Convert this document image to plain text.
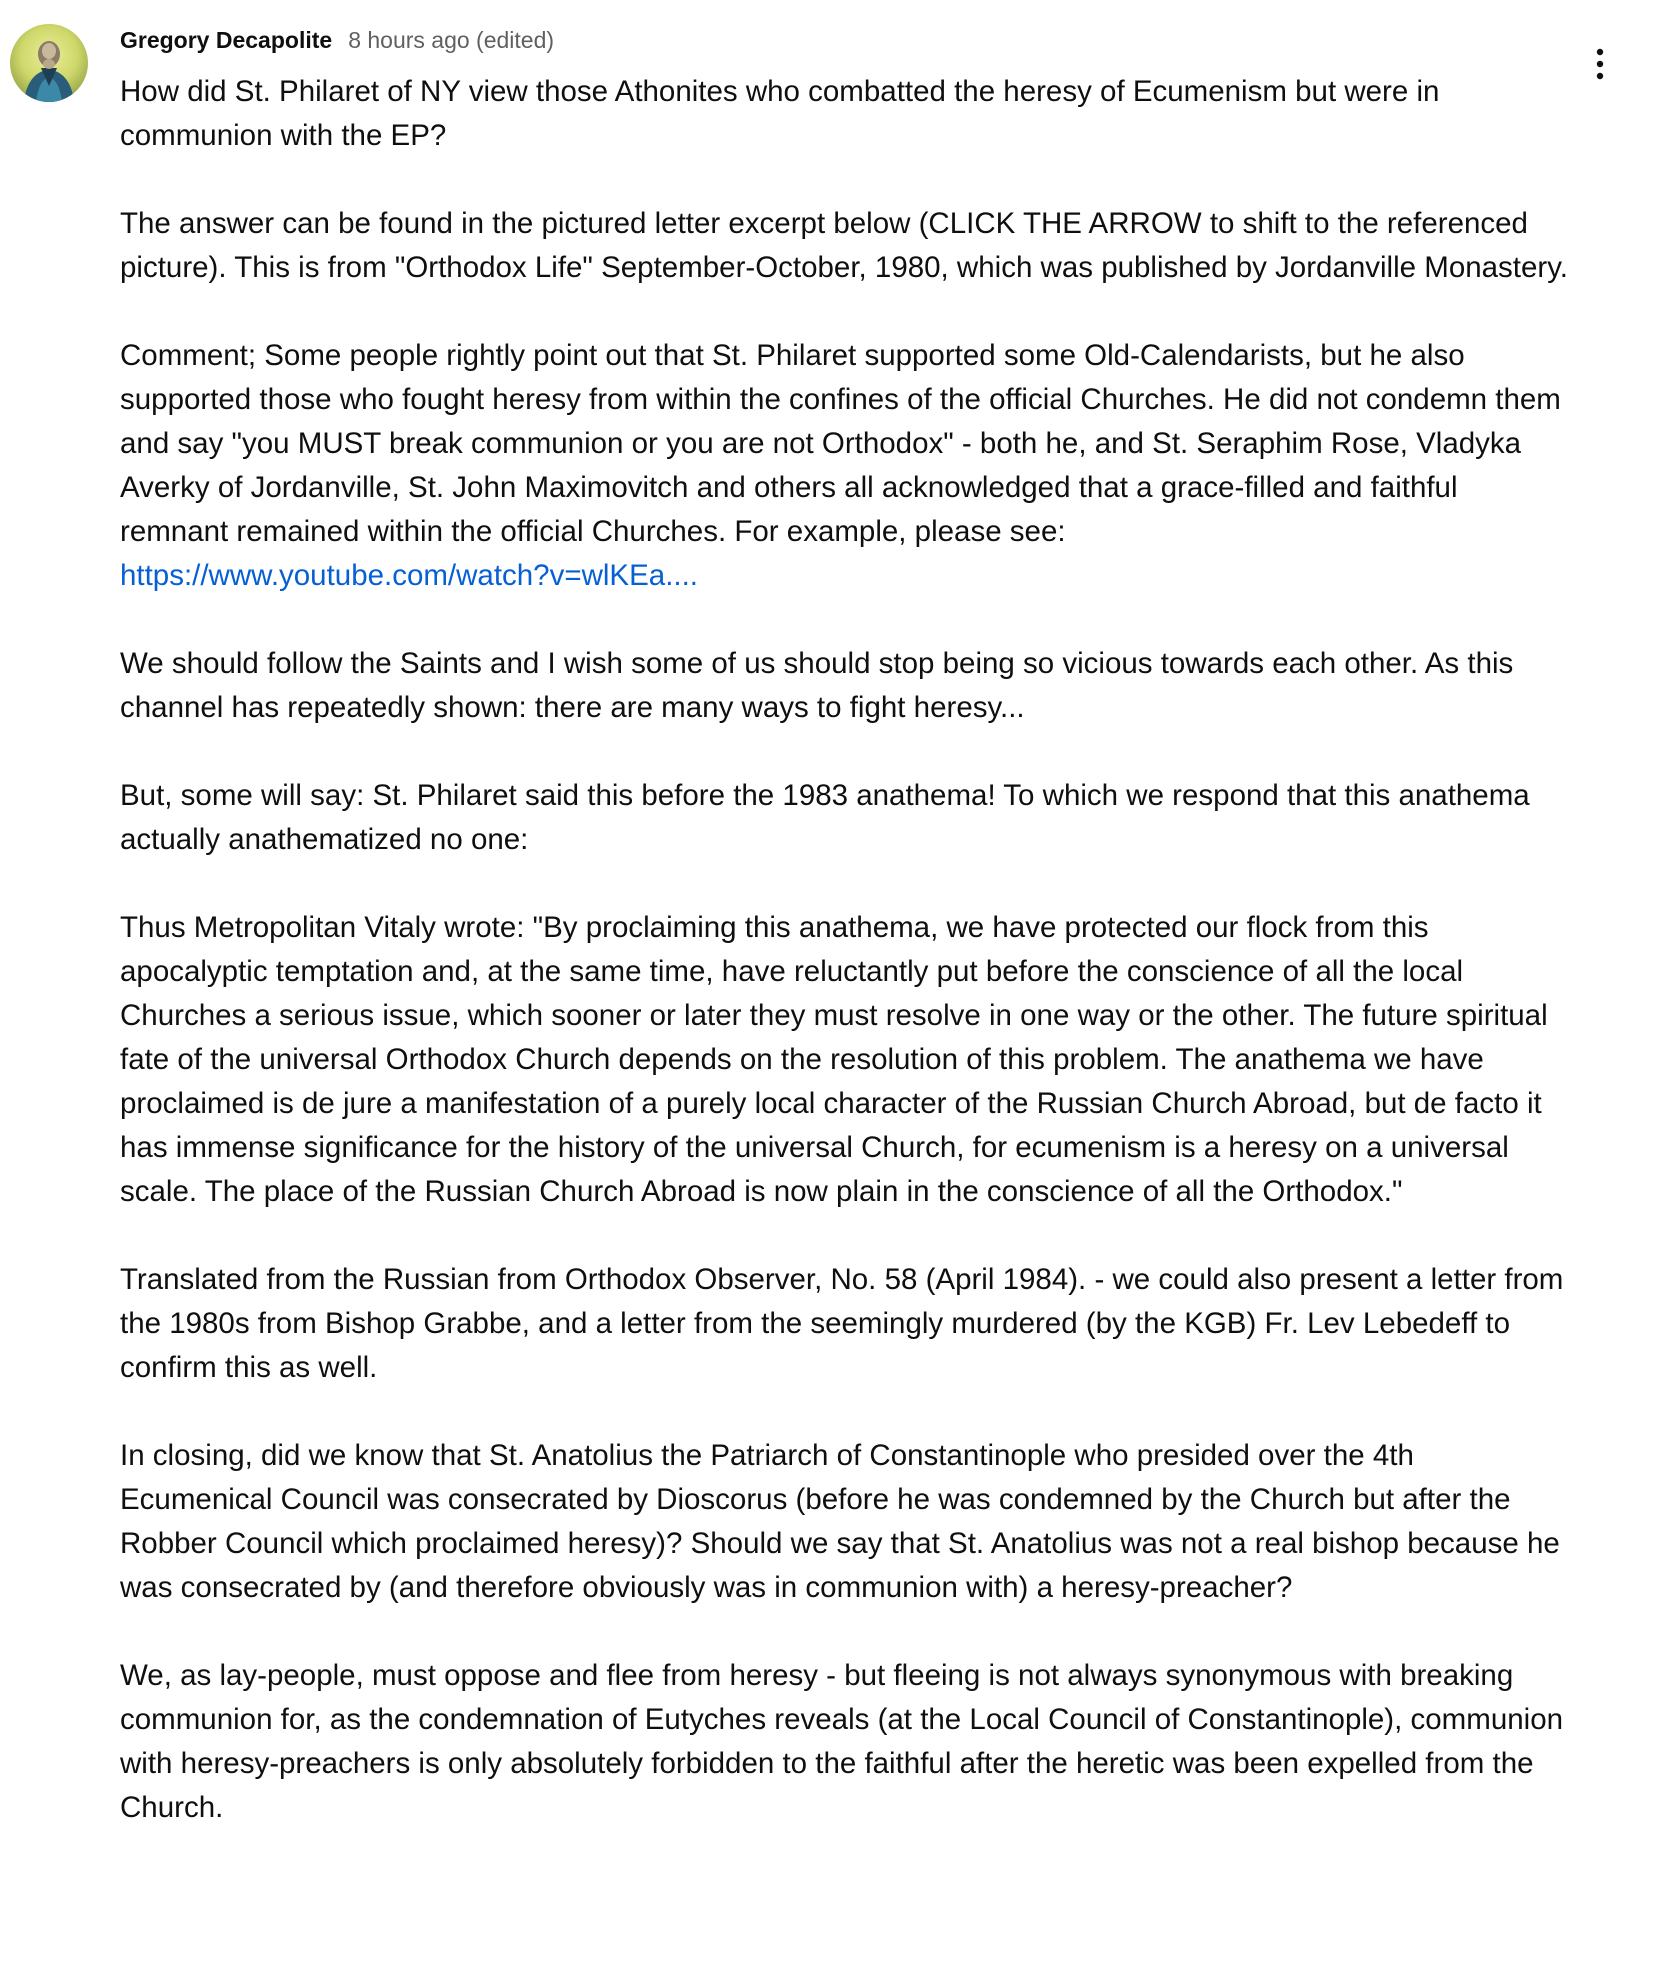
Gregory Decapolite 8 hours ago (edited)

How did St. Philaret of NY view those Athonites who combatted the heresy of Ecumenism but were in communion with the EP?

The answer can be found in the pictured letter excerpt below (CLICK THE ARROW to shift to the referenced picture). This is from "Orthodox Life" September-October, 1980, which was published by Jordanville Monastery.

Comment; Some people rightly point out that St. Philaret supported some Old-Calendarists, but he also supported those who fought heresy from within the confines of the official Churches. He did not condemn them and say "you MUST break communion or you are not Orthodox" - both he, and St. Seraphim Rose, Vladyka Averky of Jordanville, St. John Maximovitch and others all acknowledged that a grace-filled and faithful remnant remained within the official Churches. For example, please see:
https://www.youtube.com/watch?v=wlKEa....

We should follow the Saints and I wish some of us should stop being so vicious towards each other. As this channel has repeatedly shown: there are many ways to fight heresy...

But, some will say: St. Philaret said this before the 1983 anathema! To which we respond that this anathema actually anathematized no one:

Thus Metropolitan Vitaly wrote: "By proclaiming this anathema, we have protected our flock from this apocalyptic temptation and, at the same time, have reluctantly put before the conscience of all the local Churches a serious issue, which sooner or later they must resolve in one way or the other. The future spiritual fate of the universal Orthodox Church depends on the resolution of this problem. The anathema we have proclaimed is de jure a manifestation of a purely local character of the Russian Church Abroad, but de facto it has immense significance for the history of the universal Church, for ecumenism is a heresy on a universal scale. The place of the Russian Church Abroad is now plain in the conscience of all the Orthodox."

Translated from the Russian from Orthodox Observer, No. 58 (April 1984). - we could also present a letter from the 1980s from Bishop Grabbe, and a letter from the seemingly murdered (by the KGB) Fr. Lev Lebedeff to confirm this as well.

In closing, did we know that St. Anatolius the Patriarch of Constantinople who presided over the 4th Ecumenical Council was consecrated by Dioscorus (before he was condemned by the Church but after the Robber Council which proclaimed heresy)? Should we say that St. Anatolius was not a real bishop because he was consecrated by (and therefore obviously was in communion with) a heresy-preacher?

We, as lay-people, must oppose and flee from heresy - but fleeing is not always synonymous with breaking communion for, as the condemnation of Eutyches reveals (at the Local Council of Constantinople), communion with heresy-preachers is only absolutely forbidden to the faithful after the heretic was been expelled from the Church.
